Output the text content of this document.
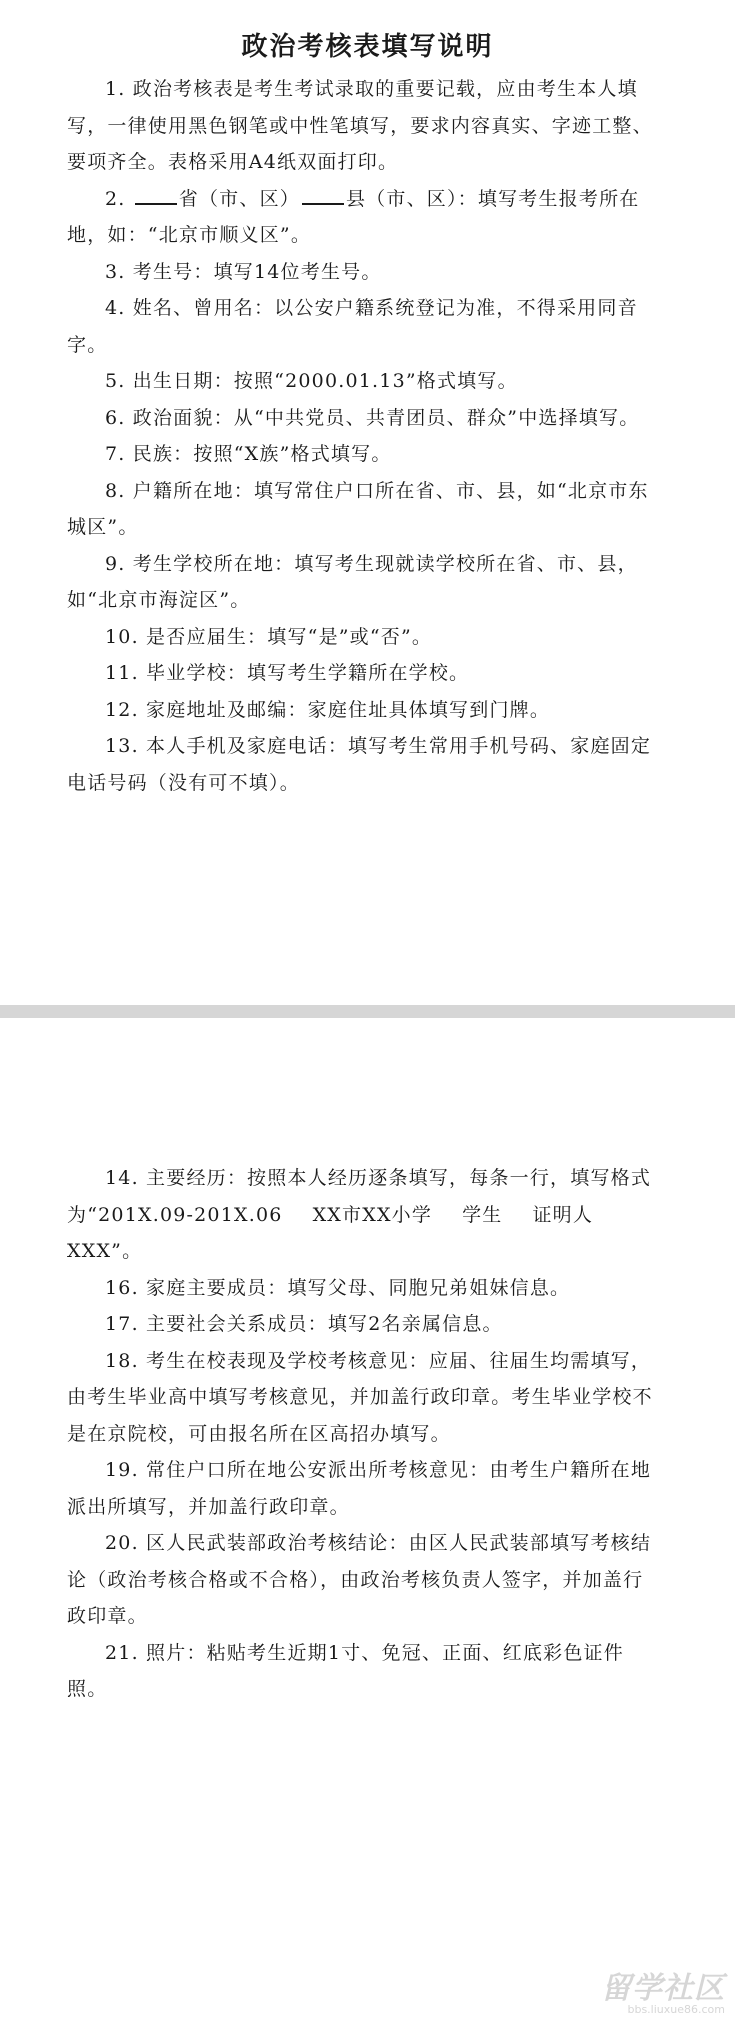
政治考核表填写说明

1. 政治考核表是考生考试录取的重要记载，应由考生本人填写，一律使用黑色钢笔或中性笔填写，要求内容真实、字迹工整、要项齐全。表格采用A4纸双面打印。

2.	省（市、区） 县（市、区）：填写考生报考所在地，如：“北京市顺义区”。

3. 考生号：填写14位考生号。

4. 姓名、曾用名：以公安户籍系统登记为准，不得采用同音字。

5. 出生日期：按照“2000.01.13”格式填写。

6. 政治面貌：从“中共党员、共青团员、群众”中选择填写。

7. 民族：按照“X族”格式填写。

8. 户籍所在地：填写常住户口所在省、市、县，如“北京市东城区”。

9. 考生学校所在地：填写考生现就读学校所在省、市、县，如“北京市海淀区”。

10. 是否应届生：填写“是”或“否”。

11. 毕业学校：填写考生学籍所在学校。

12. 家庭地址及邮编：家庭住址具体填写到门牌。

13. 本人手机及家庭电话：填写考生常用手机号码、家庭固定电话号码（没有可不填）。

14. 主要经历：按照本人经历逐条填写，每条一行，填写格式为“201X.09-201X.06 XX市XX小学 学生 证明人XXX”。

16. 家庭主要成员：填写父母、同胞兄弟姐妹信息。

17. 主要社会关系成员：填写2名亲属信息。

18. 考生在校表现及学校考核意见：应届、往届生均需填写，由考生毕业高中填写考核意见，并加盖行政印章。考生毕业学校不是在京院校，可由报名所在区高招办填写。

19. 常住户口所在地公安派出所考核意见：由考生户籍所在地派出所填写，并加盖行政印章。

20. 区人民武装部政治考核结论：由区人民武装部填写考核结论（政治考核合格或不合格），由政治考核负责人签字，并加盖行政印章。

21. 照片：粘贴考生近期1寸、免冠、正面、红底彩色证件照。

留学社区
bbs.liuxue86.com
